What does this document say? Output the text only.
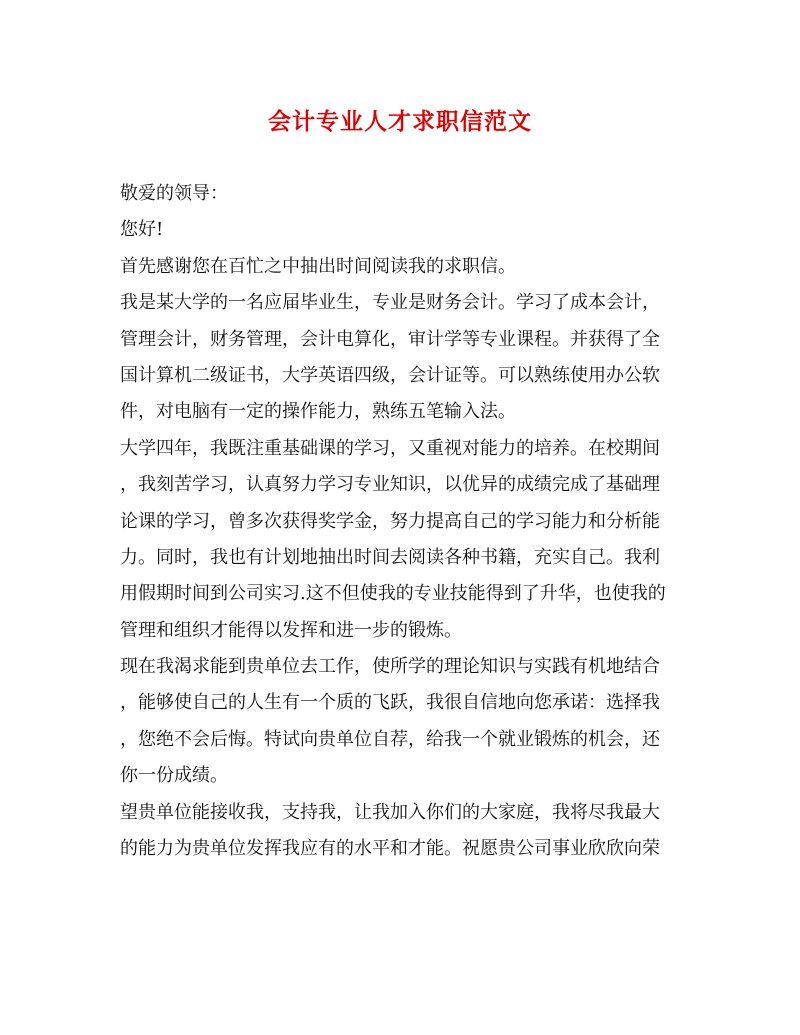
会计专业人才求职信范文
敬爱的领导：
您好!
首先感谢您在百忙之中抽出时间阅读我的求职信。
我是某大学的一名应届毕业生，专业是财务会计。学习了成本会计，
管理会计，财务管理，会计电算化，审计学等专业课程。并获得了全
国计算机二级证书，大学英语四级，会计证等。可以熟练使用办公软
件，对电脑有一定的操作能力，熟练五笔输入法。
大学四年，我既注重基础课的学习，又重视对能力的培养。在校期间
，我刻苦学习，认真努力学习专业知识，以优异的成绩完成了基础理
论课的学习，曾多次获得奖学金，努力提高自己的学习能力和分析能
力。同时，我也有计划地抽出时间去阅读各种书籍，充实自己。我利
用假期时间到公司实习.这不但使我的专业技能得到了升华，也使我的
管理和组织才能得以发挥和进一步的锻炼。
现在我渴求能到贵单位去工作，使所学的理论知识与实践有机地结合
，能够使自己的人生有一个质的飞跃，我很自信地向您承诺：选择我
，您绝不会后悔。特试向贵单位自荐，给我一个就业锻炼的机会，还
你一份成绩。
望贵单位能接收我，支持我，让我加入你们的大家庭，我将尽我最大
的能力为贵单位发挥我应有的水平和才能。祝愿贵公司事业欣欣向荣
